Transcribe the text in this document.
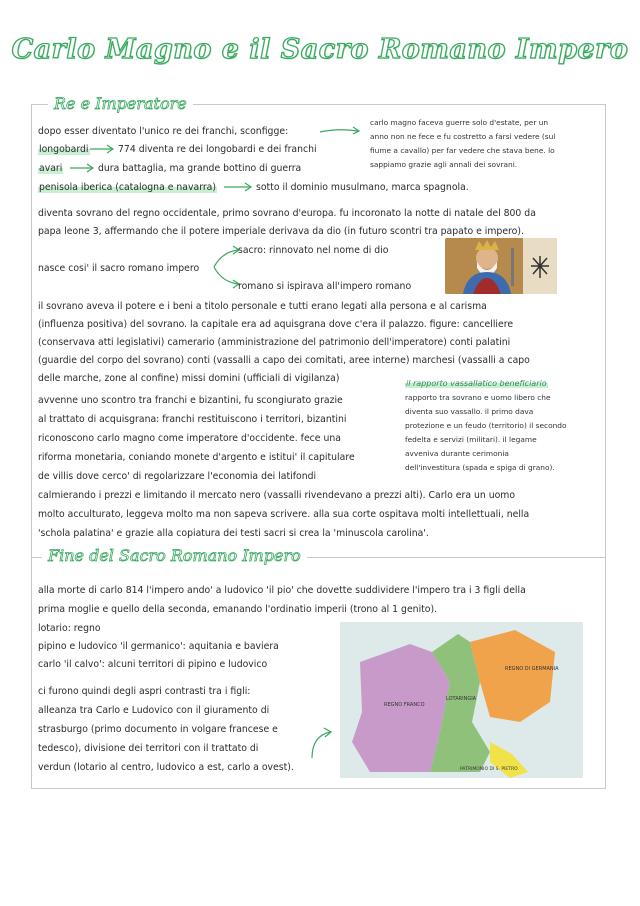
Carlo Magno e il Sacro Romano Impero
Re e Imperatore
carlo magno faceva guerre solo d'estate, per un
anno non ne fece e fu costretto a farsi vedere (sul
fiume a cavallo) per far vedere che stava bene. lo
sappiamo grazie agli annali dei sovrani.
dopo esser diventato l'unico re dei franchi, sconfigge:
longobardi	774 diventa re dei longobardi e dei franchi
avari	dura battaglia, ma grande bottino di guerra
penisola iberica (catalogna e navarra)	sotto il dominio musulmano, marca spagnola.
diventa sovrano del regno occidentale, primo sovrano d'europa. fu incoronato la notte di natale del 800 da
papa leone 3, affermando che il potere imperiale derivava da dio (in futuro scontri tra papato e impero).
nasce cosi' il sacro romano impero
sacro: rinnovato nel nome di dio
romano si ispirava all'impero romano
il sovrano aveva il potere e i beni a titolo personale e tutti erano legati alla persona e al carisma
(influenza positiva) del sovrano. la capitale era ad aquisgrana dove c'era il palazzo. figure: cancelliere
(conservava atti legislativi) camerario (amministrazione del patrimonio dell'imperatore) conti palatini
(guardie del corpo del sovrano) conti (vassalli a capo dei comitati, aree interne) marchesi (vassalli a capo
delle marche, zone al confine) missi domini (ufficiali di vigilanza)
avvenne uno scontro tra franchi e bizantini, fu scongiurato grazie
al trattato di acquisgrana: franchi restituiscono i territori, bizantini
riconoscono carlo magno come imperatore d'occidente. fece una
riforma monetaria, coniando monete d'argento e istitui' il capitulare
de villis dove cerco' di regolarizzare l'economia dei latifondi
il rapporto vassallatico beneficiario
rapporto tra sovrano e uomo libero che
diventa suo vassallo. il primo dava
protezione e un feudo (territorio) il secondo
fedelta e servizi (militari). il legame
avveniva durante cerimonia
dell'investitura (spada e spiga di grano).
calmierando i prezzi e limitando il mercato nero (vassalli rivendevano a prezzi alti). Carlo era un uomo
molto acculturato, leggeva molto ma non sapeva scrivere. alla sua corte ospitava molti intellettuali, nella
'schola palatina' e grazie alla copiatura dei testi sacri si crea la 'minuscola carolina'.
Fine del Sacro Romano Impero
alla morte di carlo 814 l'impero ando' a ludovico 'il pio' che dovette suddividere l'impero tra i 3 figli della
prima moglie e quello della seconda, emanando l'ordinatio imperii (trono al 1 genito).
lotario: regno
pipino e ludovico 'il germanico': aquitania e baviera
carlo 'il calvo': alcuni territori di pipino e ludovico
ci furono quindi degli aspri contrasti tra i figli:
alleanza tra Carlo e Ludovico con il giuramento di
strasburgo (primo documento in volgare francese e
tedesco), divisione dei territori con il trattato di
verdun (lotario al centro, ludovico a est, carlo a ovest).
REGNO FRANCO
LOTARINGIA
REGNO DI GERMANIA
PATRIMONIO DI S. PIETRO
